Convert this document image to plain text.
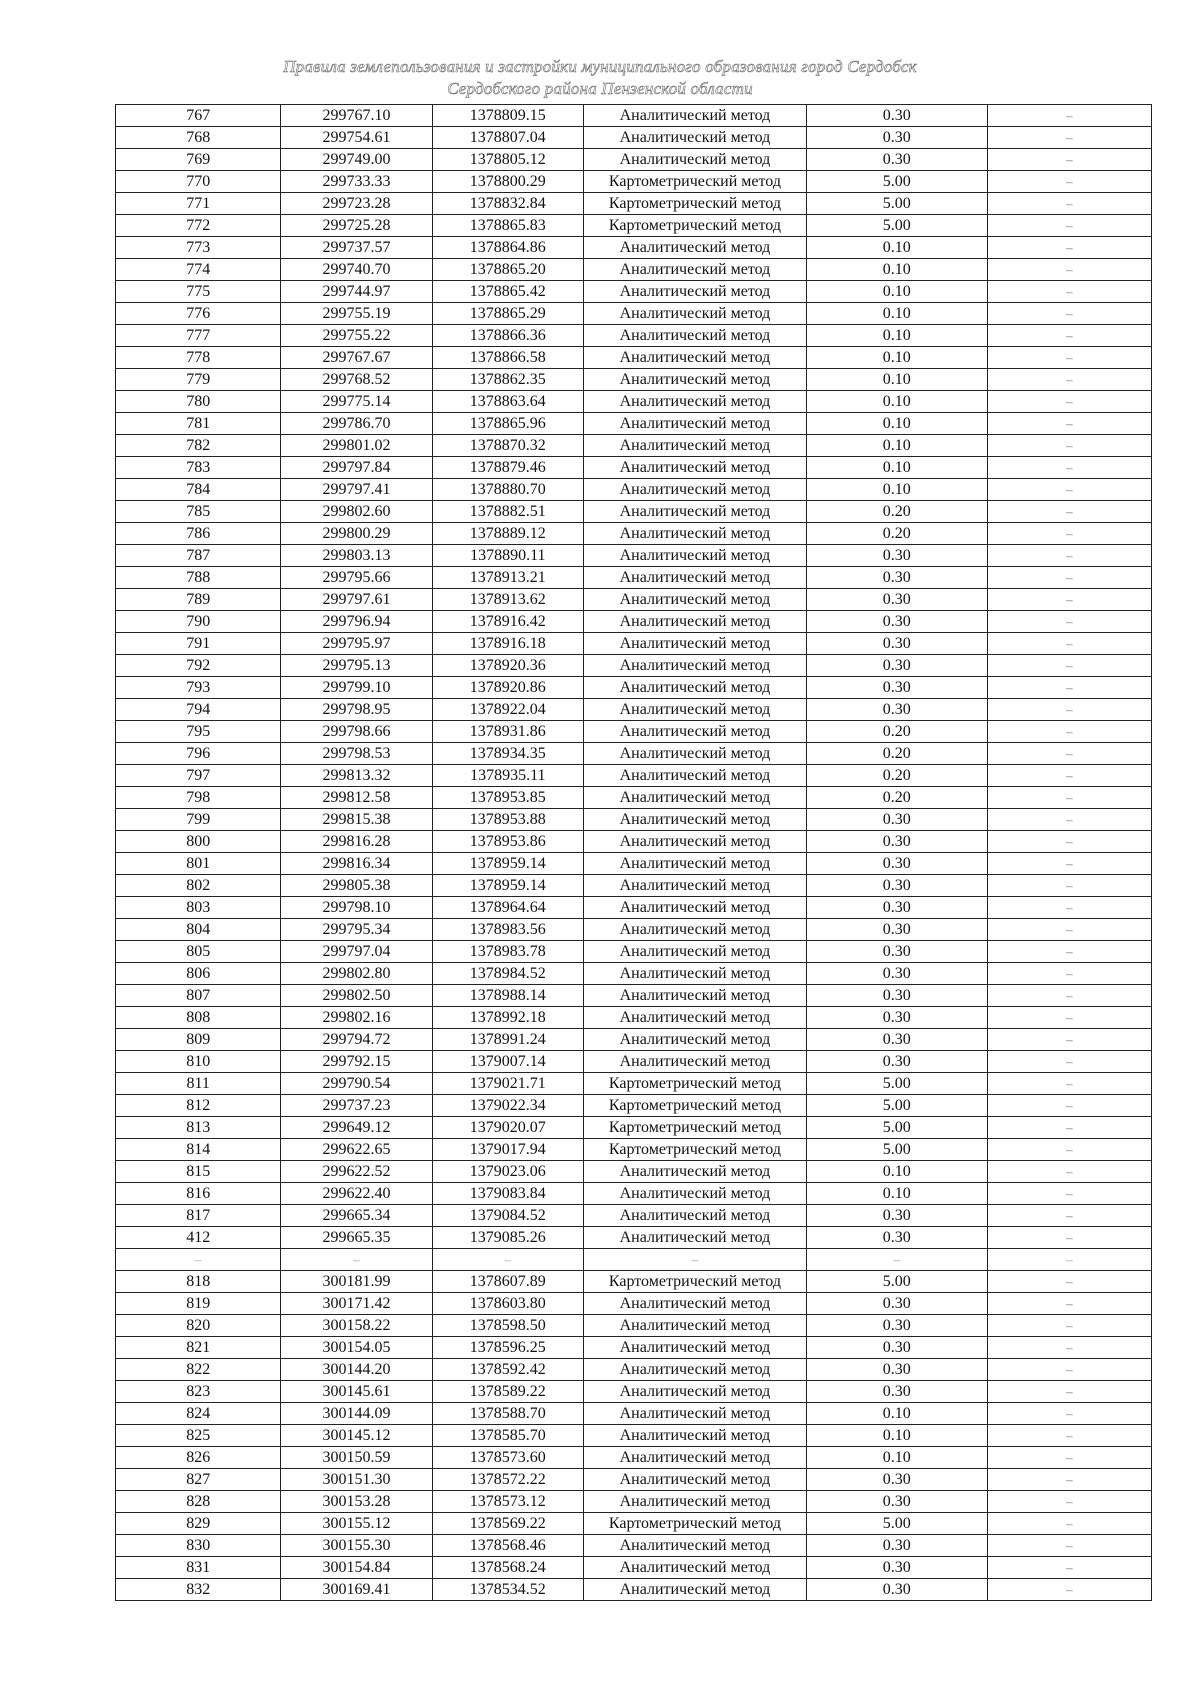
Правила землепользования и застройки муниципального образования город Сердобск
Сердобского района Пензенской области
767	299767.10	1378809.15	Аналитический метод	0.30	–
768	299754.61	1378807.04	Аналитический метод	0.30	–
769	299749.00	1378805.12	Аналитический метод	0.30	–
770	299733.33	1378800.29	Картометрический метод	5.00	–
771	299723.28	1378832.84	Картометрический метод	5.00	–
772	299725.28	1378865.83	Картометрический метод	5.00	–
773	299737.57	1378864.86	Аналитический метод	0.10	–
774	299740.70	1378865.20	Аналитический метод	0.10	–
775	299744.97	1378865.42	Аналитический метод	0.10	–
776	299755.19	1378865.29	Аналитический метод	0.10	–
777	299755.22	1378866.36	Аналитический метод	0.10	–
778	299767.67	1378866.58	Аналитический метод	0.10	–
779	299768.52	1378862.35	Аналитический метод	0.10	–
780	299775.14	1378863.64	Аналитический метод	0.10	–
781	299786.70	1378865.96	Аналитический метод	0.10	–
782	299801.02	1378870.32	Аналитический метод	0.10	–
783	299797.84	1378879.46	Аналитический метод	0.10	–
784	299797.41	1378880.70	Аналитический метод	0.10	–
785	299802.60	1378882.51	Аналитический метод	0.20	–
786	299800.29	1378889.12	Аналитический метод	0.20	–
787	299803.13	1378890.11	Аналитический метод	0.30	–
788	299795.66	1378913.21	Аналитический метод	0.30	–
789	299797.61	1378913.62	Аналитический метод	0.30	–
790	299796.94	1378916.42	Аналитический метод	0.30	–
791	299795.97	1378916.18	Аналитический метод	0.30	–
792	299795.13	1378920.36	Аналитический метод	0.30	–
793	299799.10	1378920.86	Аналитический метод	0.30	–
794	299798.95	1378922.04	Аналитический метод	0.30	–
795	299798.66	1378931.86	Аналитический метод	0.20	–
796	299798.53	1378934.35	Аналитический метод	0.20	–
797	299813.32	1378935.11	Аналитический метод	0.20	–
798	299812.58	1378953.85	Аналитический метод	0.20	–
799	299815.38	1378953.88	Аналитический метод	0.30	–
800	299816.28	1378953.86	Аналитический метод	0.30	–
801	299816.34	1378959.14	Аналитический метод	0.30	–
802	299805.38	1378959.14	Аналитический метод	0.30	–
803	299798.10	1378964.64	Аналитический метод	0.30	–
804	299795.34	1378983.56	Аналитический метод	0.30	–
805	299797.04	1378983.78	Аналитический метод	0.30	–
806	299802.80	1378984.52	Аналитический метод	0.30	–
807	299802.50	1378988.14	Аналитический метод	0.30	–
808	299802.16	1378992.18	Аналитический метод	0.30	–
809	299794.72	1378991.24	Аналитический метод	0.30	–
810	299792.15	1379007.14	Аналитический метод	0.30	–
811	299790.54	1379021.71	Картометрический метод	5.00	–
812	299737.23	1379022.34	Картометрический метод	5.00	–
813	299649.12	1379020.07	Картометрический метод	5.00	–
814	299622.65	1379017.94	Картометрический метод	5.00	–
815	299622.52	1379023.06	Аналитический метод	0.10	–
816	299622.40	1379083.84	Аналитический метод	0.10	–
817	299665.34	1379084.52	Аналитический метод	0.30	–
412	299665.35	1379085.26	Аналитический метод	0.30	–
–	–	–	–	–	–
818	300181.99	1378607.89	Картометрический метод	5.00	–
819	300171.42	1378603.80	Аналитический метод	0.30	–
820	300158.22	1378598.50	Аналитический метод	0.30	–
821	300154.05	1378596.25	Аналитический метод	0.30	–
822	300144.20	1378592.42	Аналитический метод	0.30	–
823	300145.61	1378589.22	Аналитический метод	0.30	–
824	300144.09	1378588.70	Аналитический метод	0.10	–
825	300145.12	1378585.70	Аналитический метод	0.10	–
826	300150.59	1378573.60	Аналитический метод	0.10	–
827	300151.30	1378572.22	Аналитический метод	0.30	–
828	300153.28	1378573.12	Аналитический метод	0.30	–
829	300155.12	1378569.22	Картометрический метод	5.00	–
830	300155.30	1378568.46	Аналитический метод	0.30	–
831	300154.84	1378568.24	Аналитический метод	0.30	–
832	300169.41	1378534.52	Аналитический метод	0.30	–
